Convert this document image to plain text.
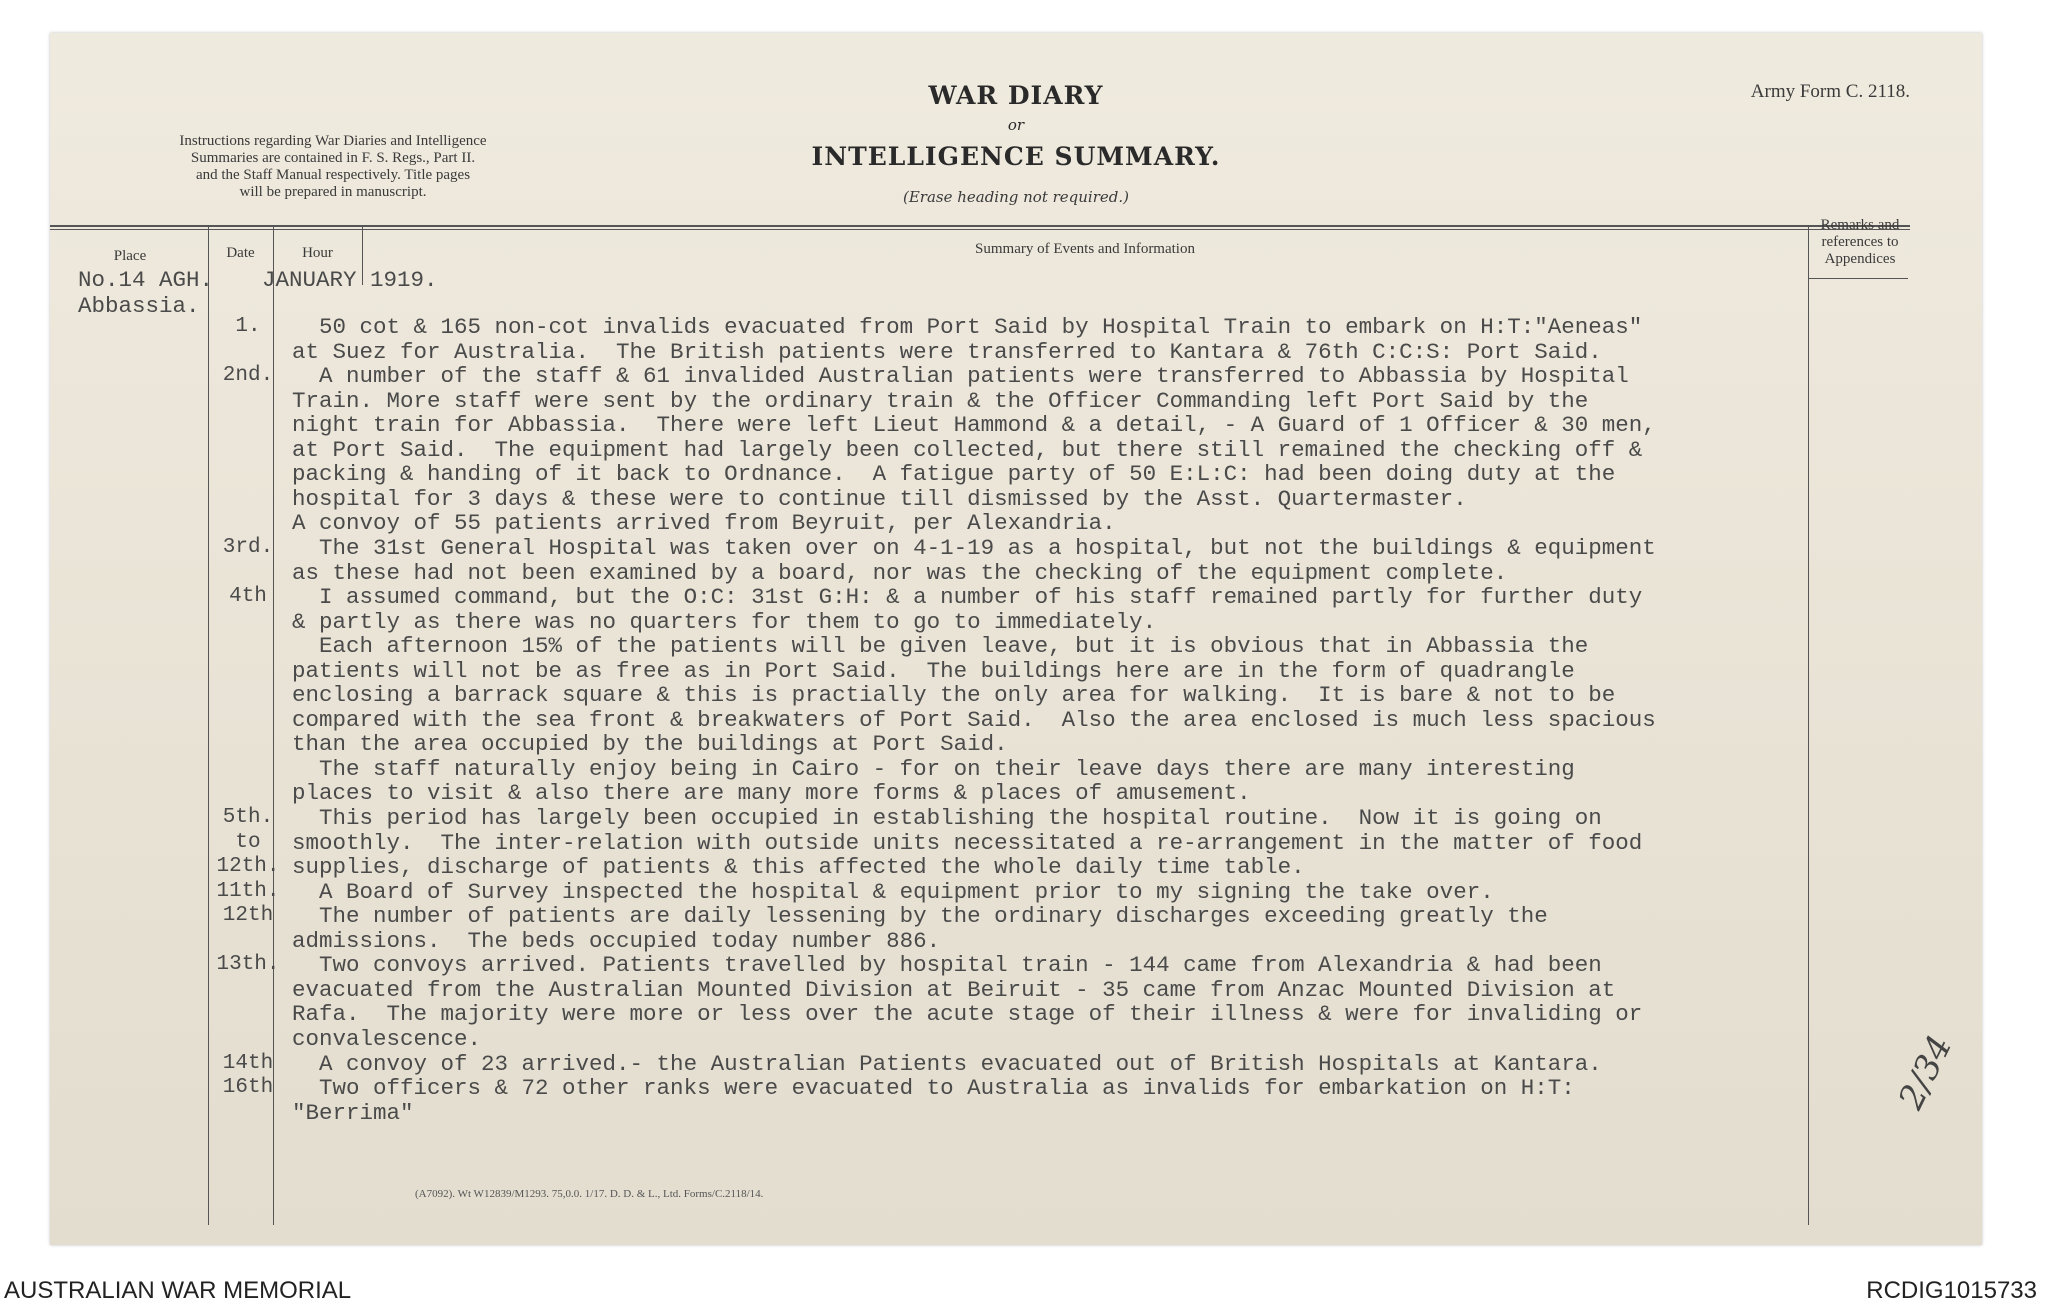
Instructions regarding War Diaries and Intelligence
Summaries are contained in F. S. Regs., Part II.
and the Staff Manual respectively. Title pages
will be prepared in manuscript.
WAR DIARY
or
INTELLIGENCE SUMMARY.
(Erase heading not required.)
Army Form C. 2118.
Place	Date	Hour	Summary of Events and Information
Remarks and
references to
Appendices
No.14 AGH.
Abbassia.
JANUARY 1919.
1.	50 cot & 165 non-cot invalids evacuated from Port Said by Hospital Train to embark on H:T:"Aeneas"
at Suez for Australia.  The British patients were transferred to Kantara & 76th C:C:S: Port Said.
2nd. A number of the staff & 61 invalided Australian patients were transferred to Abbassia by Hospital
Train. More staff were sent by the ordinary train & the Officer Commanding left Port Said by the
night train for Abbassia.  There were left Lieut Hammond & a detail, - A Guard of 1 Officer & 30 men,
at Port Said.  The equipment had largely been collected, but there still remained the checking off &
packing & handing of it back to Ordnance.  A fatigue party of 50 E:L:C: had been doing duty at the
hospital for 3 days & these were to continue till dismissed by the Asst. Quartermaster.
A convoy of 55 patients arrived from Beyruit, per Alexandria.
3rd. The 31st General Hospital was taken over on 4-1-19 as a hospital, but not the buildings & equipment
as these had not been examined by a board, nor was the checking of the equipment complete.
4th	I assumed command, but the O:C: 31st G:H: & a number of his staff remained partly for further duty
& partly as there was no quarters for them to go to immediately.
Each afternoon 15% of the patients will be given leave, but it is obvious that in Abbassia the
patients will not be as free as in Port Said.  The buildings here are in the form of quadrangle
enclosing a barrack square & this is practially the only area for walking.  It is bare & not to be
compared with the sea front & breakwaters of Port Said.  Also the area enclosed is much less spacious
than the area occupied by the buildings at Port Said.
The staff naturally enjoy being in Cairo - for on their leave days there are many interesting
places to visit & also there are many more forms & places of amusement.
5th. This period has largely been occupied in establishing the hospital routine.  Now it is going on
to	smoothly.  The inter-relation with outside units necessitated a re-arrangement in the matter of food
12th. supplies, discharge of patients & this affected the whole daily time table.
11th. A Board of Survey inspected the hospital & equipment prior to my signing the take over.
12th The number of patients are daily lessening by the ordinary discharges exceeding greatly the
admissions.  The beds occupied today number 886.
13th. Two convoys arrived. Patients travelled by hospital train - 144 came from Alexandria & had been
evacuated from the Australian Mounted Division at Beiruit - 35 came from Anzac Mounted Division at
Rafa.  The majority were more or less over the acute stage of their illness & were for invaliding or
convalescence.
14th A convoy of 23 arrived.- the Australian Patients evacuated out of British Hospitals at Kantara.
16th Two officers & 72 other ranks were evacuated to Australia as invalids for embarkation on H:T:
"Berrima"
(A7092). Wt W12839/M1293. 75,0.0. 1/17. D. D. & L., Ltd. Forms/C.2118/14.
2/34
AUSTRALIAN WAR MEMORIAL	RCDIG1015733
